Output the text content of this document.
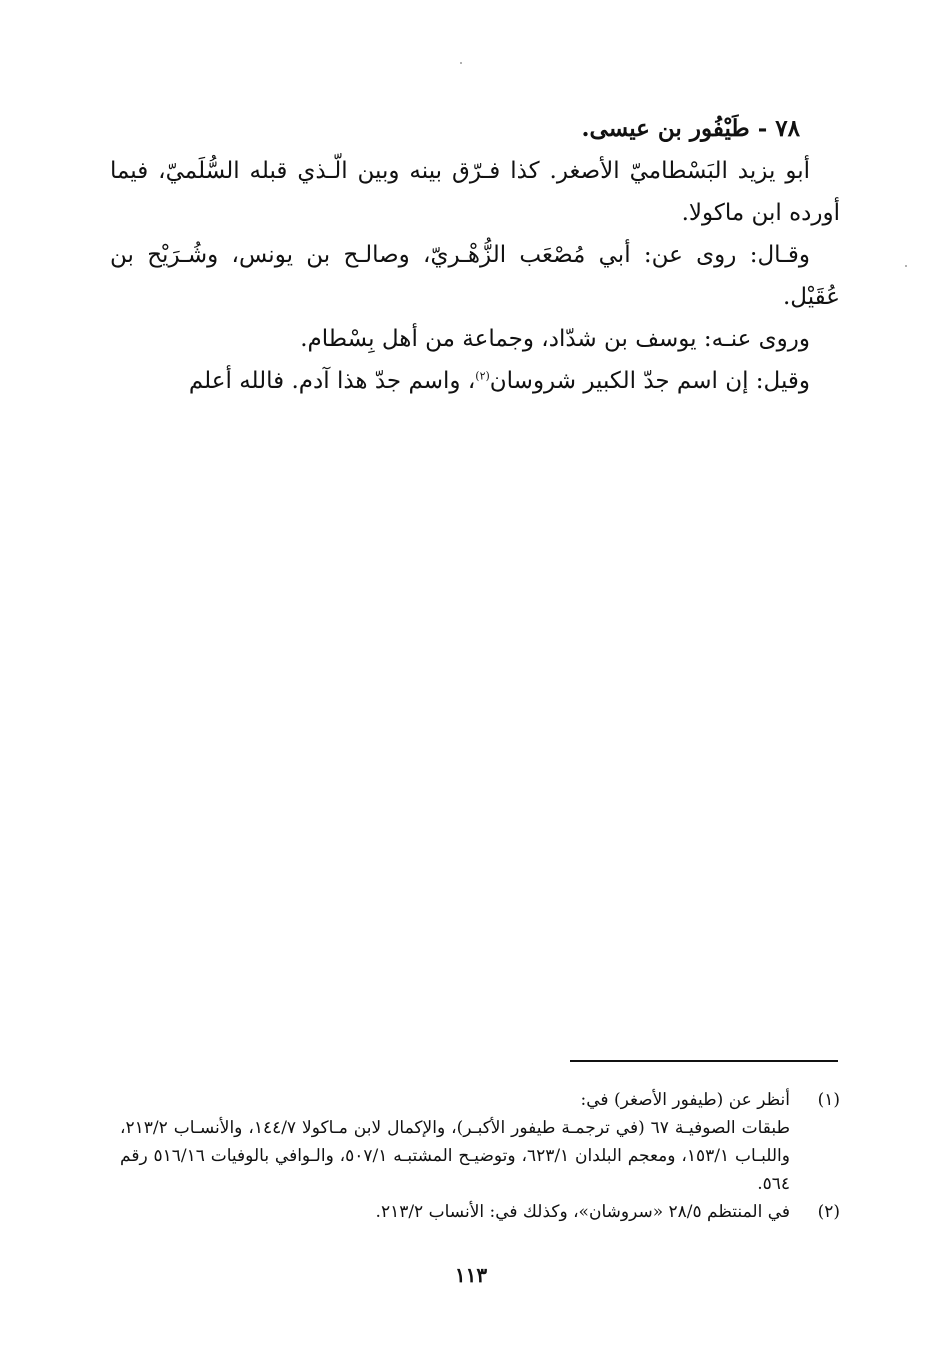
٧٨ - طَيْفُور بن عيسى.

أبو يزيد البَسْطاميّ الأصغر. كذا فـرّق بينه وبين الّـذي قبله السُّلَميّ، فيما أورده ابن ماكولا.

وقـال: روى عن: أبي مُصْعَب الزُّهْـريّ، وصالـح بن يونس، وشُـرَيْح بن عُقَيْل.

وروى عنـه: يوسف بن شدّاد، وجماعة من أهل بِسْطام.

وقيل: إن اسم جدّ الكبير شروسان$^{(٢)}$، واسم جدّ هذا آدم. فالله أعلم

(١)
أنظر عن (طيفور الأصغر) في:
طبقات الصوفيـة ٦٧ (في ترجمـة طيفور الأكبـر)، والإكمال لابن مـاكولا ١٤٤/٧، والأنسـاب ٢١٣/٢، واللبـاب ١٥٣/١، ومعجم البلدان ٦٢٣/١، وتوضيـح المشتبـه ٥٠٧/١، والـوافي بالوفيات ٥١٦/١٦ رقم ٥٦٤.
(٢)
في المنتظم ٢٨/٥ «سروشان»، وكذلك في: الأنساب ٢١٣/٢.
١١٣
